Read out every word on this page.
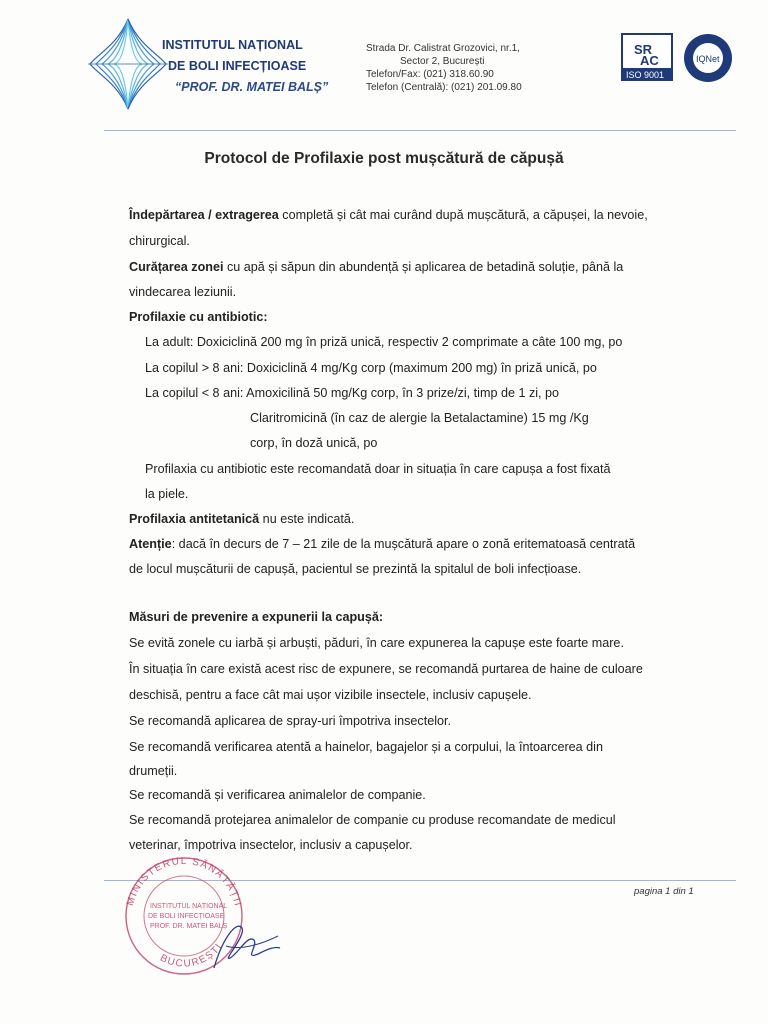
INSTITUTUL NAȚIONAL
DE BOLI INFECȚIOASE
“PROF. DR. MATEI BALȘ”
Strada Dr. Calistrat Grozovici, nr.1,
Sector 2, București
Telefon/Fax: (021) 318.60.90
Telefon (Centrală): (021) 201.09.80
SR
AC
ISO 9001
IQNet
Protocol de Profilaxie post mușcătură de căpușă
Îndepărtarea / extragerea completă și cât mai curând după mușcătură, a căpușei, la nevoie,
chirurgical.
Curățarea zonei cu apă și săpun din abundență și aplicarea de betadină soluție, până la
vindecarea leziunii.
Profilaxie cu antibiotic:
La adult: Doxiciclină 200 mg în priză unică, respectiv 2 comprimate a câte 100 mg, po
La copilul > 8 ani: Doxiciclină 4 mg/Kg corp (maximum 200 mg) în priză unică, po
La copilul < 8 ani: Amoxicilină 50 mg/Kg corp, în 3 prize/zi, timp de 1 zi, po
Claritromicină (în caz de alergie la Betalactamine) 15 mg /Kg
corp, în doză unică, po
Profilaxia cu antibiotic este recomandată doar in situația în care capușa a fost fixată
la piele.
Profilaxia antitetanică nu este indicată.
Atenție: dacă în decurs de 7 – 21 zile de la mușcătură apare o zonă eritematoasă centrată
de locul mușcăturii de capușă, pacientul se prezintă la spitalul de boli infecțioase.
Măsuri de prevenire a expunerii la capușă:
Se evită zonele cu iarbă și arbuști, păduri, în care expunerea la capușe este foarte mare.
În situația în care există acest risc de expunere, se recomandă purtarea de haine de culoare
deschisă, pentru a face cât mai ușor vizibile insectele, inclusiv capușele.
Se recomandă aplicarea de spray-uri împotriva insectelor.
Se recomandă verificarea atentă a hainelor, bagajelor și a corpului, la întoarcerea din
drumeții.
Se recomandă și verificarea animalelor de companie.
Se recomandă protejarea animalelor de companie cu produse recomandate de medicul
veterinar, împotriva insectelor, inclusiv a capușelor.
pagina 1 din 1
MINISTERUL SĂNĂTĂȚII
BUCUREȘTI
INSTITUTUL NAȚIONAL
DE BOLI INFECȚIOASE
PROF. DR. MATEI BALȘ
